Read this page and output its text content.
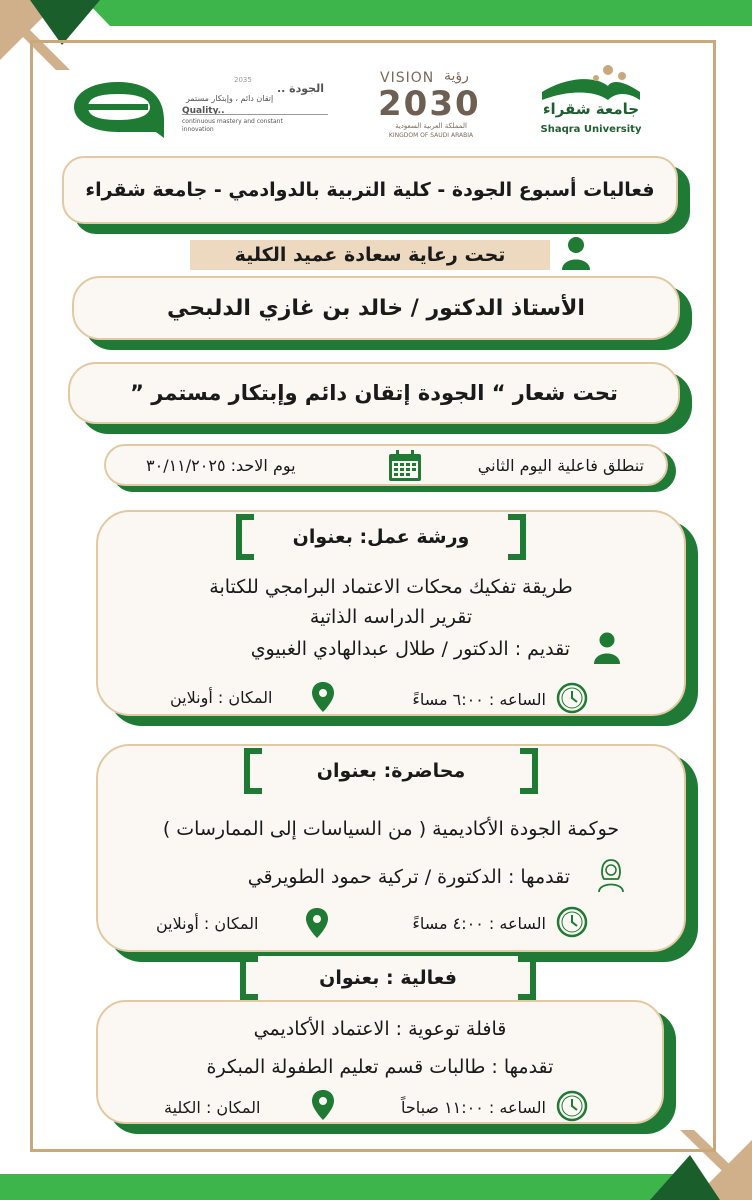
2035
الجودة ..
إتقان دائم ، وإبتكار مستمر
Quality..
continuous mastery and constant
innovation
VISION رؤية
2030
المملكة العربية السعودية
KINGDOM OF SAUDI ARABIA
جامعة شقراء
Shaqra University
فعاليات أسبوع الجودة - كلية التربية بالدوادمي - جامعة شقراء
تحت رعاية سعادة عميد الكلية
الأستاذ الدكتور / خالد بن غازي الدلبحي
تحت شعار “ الجودة إتقان دائم وإبتكار مستمر ”
تنطلق فاعلية اليوم الثاني
يوم الاحد: ٣٠/١١/٢٠٢٥
طريقة تفكيك محكات الاعتماد البرامجي للكتابة
تقرير الدراسه الذاتية
تقديم : الدكتور / طلال عبدالهادي الغبيوي
الساعه : ٦:٠٠ مساءً
المكان : أونلاين
ورشة عمل: بعنوان
حوكمة الجودة الأكاديمية ( من السياسات إلى الممارسات )
تقدمها : الدكتورة / تركية حمود الطويرقي
الساعه : ٤:٠٠ مساءً
المكان : أونلاين
محاضرة: بعنوان
قافلة توعوية : الاعتماد الأكاديمي
تقدمها : طالبات قسم تعليم الطفولة المبكرة
الساعه : ١١:٠٠ صباحاً
المكان : الكلية
فعالية : بعنوان
